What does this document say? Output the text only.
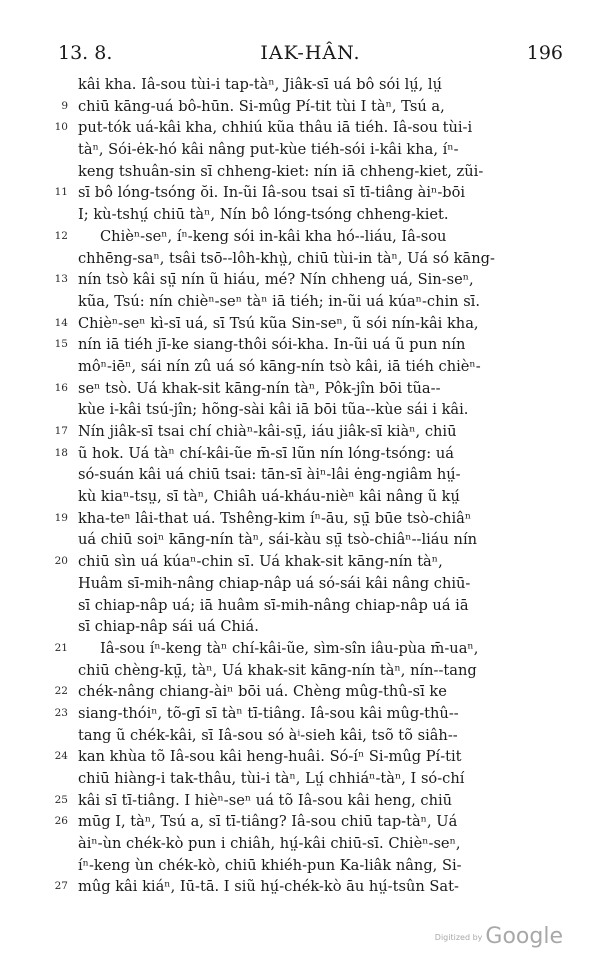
13. 8.	IAK-HÂN.	196
kâi kha. Iâ-sou tùi-i tap-tàⁿ, Jiâk-sī uá bô sói lṳ́, lṳ́
9 chiū kāng-uá bô-hūn. Si-mûg Pí-tit tùi I tàⁿ, Tsú a,
10 put-tók uá-kâi kha, chhiú kũa thâu iā tiéh. Iâ-sou tùi-i
tàⁿ, Sói-ėk-hó kâi nâng put-kùe tiéh-sói i-kâi kha, íⁿ-
keng tshuân-sin sī chheng-kiet: nín iā chheng-kiet, zũi-
11 sī bô lóng-tsóng ŏi. In-ũi Iâ-sou tsai sī tī-tiâng àiⁿ-bōi
I; kù-tshṳ́ chiū tàⁿ, Nín bô lóng-tsóng chheng-kiet.
12 Chièⁿ-seⁿ, íⁿ-keng sói in-kâi kha hó--liáu, Iâ-sou
chhēng-saⁿ, tsâi tsō--lôh-khṳ̀, chiū tùi-in tàⁿ, Uá só kāng-
13 nín tsò kâi sṳ̄ nín ũ hiáu, mé? Nín chheng uá, Sin-seⁿ,
kũa, Tsú: nín chièⁿ-seⁿ tàⁿ iā tiéh; in-ũi uá kúaⁿ-chin sī.
14 Chièⁿ-seⁿ kì-sī uá, sī Tsú kũa Sin-seⁿ, ũ sói nín-kâi kha,
15 nín iā tiéh jī-ke siang-thôi sói-kha. In-ũi uá ũ pun nín
môⁿ-iēⁿ, sái nín zû uá só kāng-nín tsò kâi, iā tiéh chièⁿ-
16 seⁿ tsò. Uá khak-sit kāng-nín tàⁿ, Pôk-jîn bōi tũa--
kùe i-kâi tsú-jîn; hõng-sài kâi iā bōi tũa--kùe sái i kâi.
17 Nín jiâk-sī tsai chí chiàⁿ-kâi-sṳ̄, iáu jiâk-sī kiàⁿ, chiū
18 ũ hok. Uá tàⁿ chí-kâi-ũe m̄-sī lũn nín lóng-tsóng: uá
só-suán kâi uá chiū tsai: tān-sī àiⁿ-lâi ėng-ngiâm hṳ́-
kù kiaⁿ-tsṳ, sī tàⁿ, Chiâh uá-kháu-nièⁿ kâi nâng ũ kṳ́
19 kha-teⁿ lâi-that uá. Tshêng-kim íⁿ-āu, sṳ̄ būe tsò-chiâⁿ
uá chiū soiⁿ kāng-nín tàⁿ, sái-kàu sṳ̄ tsò-chiâⁿ--liáu nín
20 chiū sìn uá kúaⁿ-chin sī. Uá khak-sit kāng-nín tàⁿ,
Huâm sī-mih-nâng chiap-nâp uá só-sái kâi nâng chiū-
sī chiap-nâp uá; iā huâm sī-mih-nâng chiap-nâp uá iā
sī chiap-nâp sái uá Chiá.
21 Iâ-sou íⁿ-keng tàⁿ chí-kâi-ũe, sìm-sîn iâu-pùa m̄-uaⁿ,
chiū chèng-kṳ̄, tàⁿ, Uá khak-sit kāng-nín tàⁿ, nín--tang
22 chék-nâng chiang-àiⁿ bōi uá. Chèng mûg-thû-sī ke
23 siang-thóiⁿ, tõ-gī sī tàⁿ tī-tiâng. Iâ-sou kâi mûg-thû--
tang ũ chék-kâi, sī Iâ-sou só àⁱ-sieh kâi, tsõ tõ siâh--
24 kan khùa tõ Iâ-sou kâi heng-huâi. Só-íⁿ Si-mûg Pí-tit
chiū hiàng-i tak-thâu, tùi-i tàⁿ, Lṳ́ chhiáⁿ-tàⁿ, I só-chí
25 kâi sī tī-tiâng. I hièⁿ-seⁿ uá tõ Iâ-sou kâi heng, chiū
26 mūg I, tàⁿ, Tsú a, sī tī-tiâng? Iâ-sou chiū tap-tàⁿ, Uá
àiⁿ-ùn chék-kò pun i chiâh, hṳ́-kâi chiū-sī. Chièⁿ-seⁿ,
íⁿ-keng ùn chék-kò, chiū khiéh-pun Ka-liâk nâng, Si-
27 mûg kâi kiáⁿ, Iū-tā. I siũ hṳ́-chék-kò āu hṳ́-tsûn Sat-
Digitized by Google
